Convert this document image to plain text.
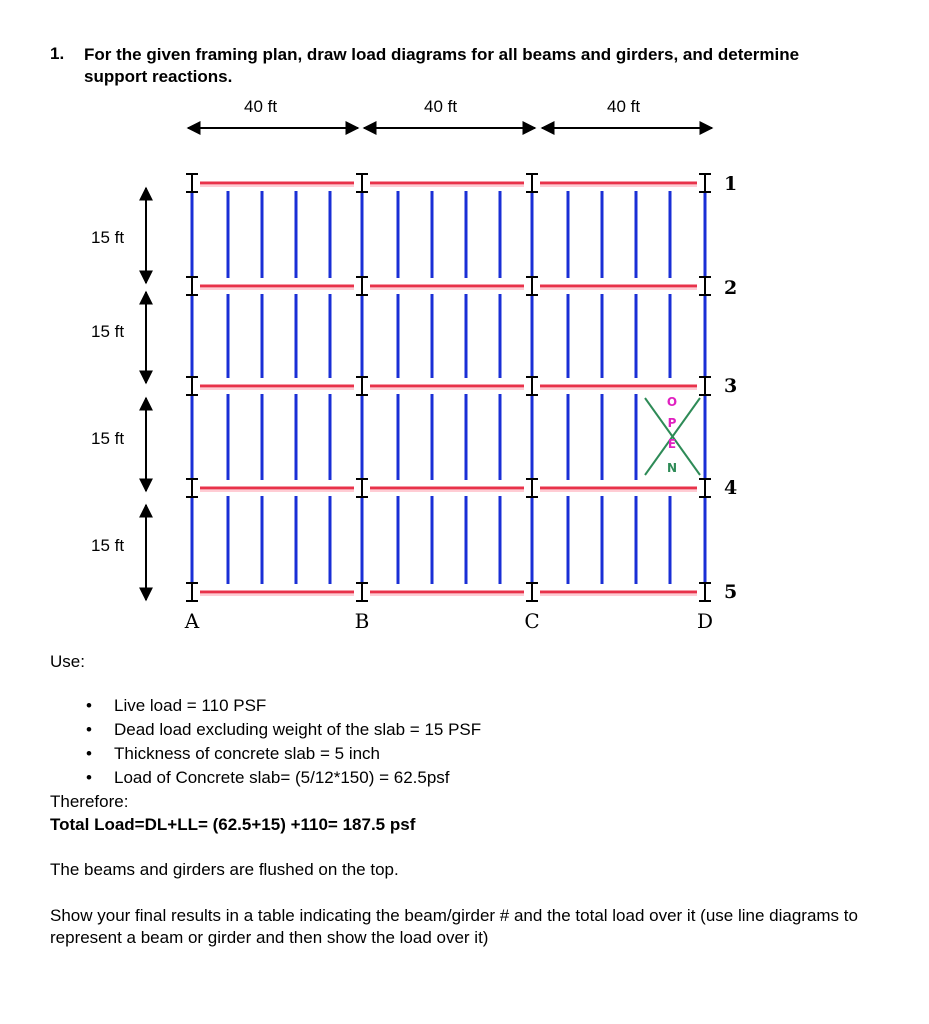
1. For the given framing plan, draw load diagrams for all beams and girders, and determine support reactions.
40 ft	40 ft	40 ft
15 ft
15 ft
15 ft
15 ft
O
P
E
N
1
2
3
4
5
A	B	C	D
Use:
• Live load = 110 PSF
• Dead load excluding weight of the slab = 15 PSF
• Thickness of concrete slab = 5 inch
• Load of Concrete slab= (5/12*150) = 62.5psf
Therefore:
Total Load=DL+LL= (62.5+15) +110= 187.5 psf
The beams and girders are flushed on the top.
Show your final results in a table indicating the beam/girder # and the total load over it (use line diagrams to represent a beam or girder and then show the load over it)
